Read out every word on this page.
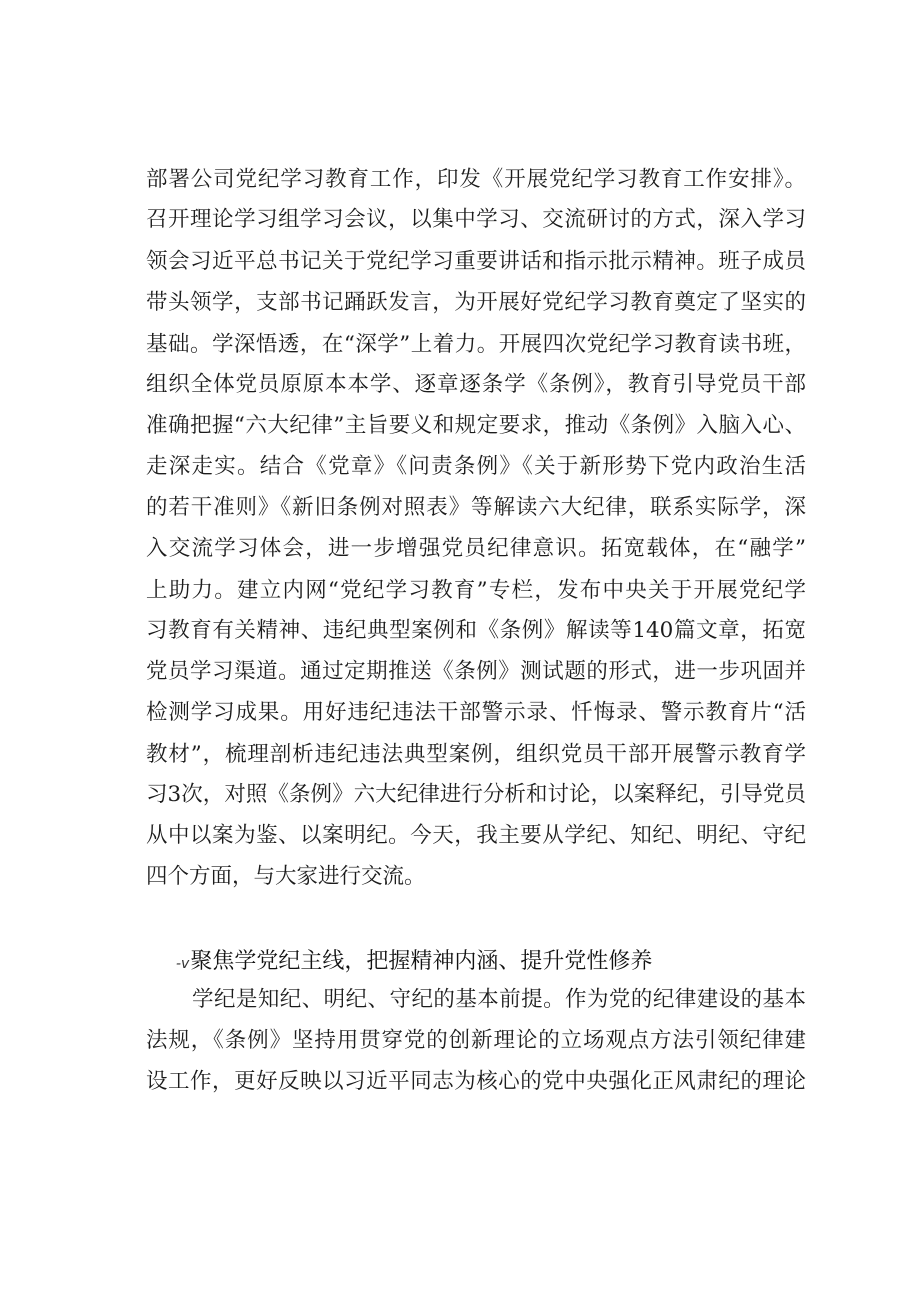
部署公司党纪学习教育工作，印发《开展党纪学习教育工作安排》。
召开理论学习组学习会议，以集中学习、交流研讨的方式，深入学习
领会习近平总书记关于党纪学习重要讲话和指示批示精神。班子成员
带头领学，支部书记踊跃发言，为开展好党纪学习教育奠定了坚实的
基础。学深悟透，在“深学”上着力。开展四次党纪学习教育读书班，
组织全体党员原原本本学、逐章逐条学《条例》，教育引导党员干部
准确把握“六大纪律”主旨要义和规定要求，推动《条例》入脑入心、
走深走实。结合《党章》《问责条例》《关于新形势下党内政治生活
的若干准则》《新旧条例对照表》等解读六大纪律，联系实际学，深
入交流学习体会，进一步增强党员纪律意识。拓宽载体，在“融学”
上助力。建立内网“党纪学习教育”专栏，发布中央关于开展党纪学
习教育有关精神、违纪典型案例和《条例》解读等140篇文章，拓宽
党员学习渠道。通过定期推送《条例》测试题的形式，进一步巩固并
检测学习成果。用好违纪违法干部警示录、忏悔录、警示教育片“活
教材”，梳理剖析违纪违法典型案例，组织党员干部开展警示教育学
习3次，对照《条例》六大纪律进行分析和讨论，以案释纪，引导党员
从中以案为鉴、以案明纪。今天，我主要从学纪、知纪、明纪、守纪
四个方面，与大家进行交流。
-v聚焦学党纪主线，把握精神内涵、提升党性修养
学纪是知纪、明纪、守纪的基本前提。作为党的纪律建设的基本
法规，《条例》坚持用贯穿党的创新理论的立场观点方法引领纪律建
设工作，更好反映以习近平同志为核心的党中央强化正风肃纪的理论
